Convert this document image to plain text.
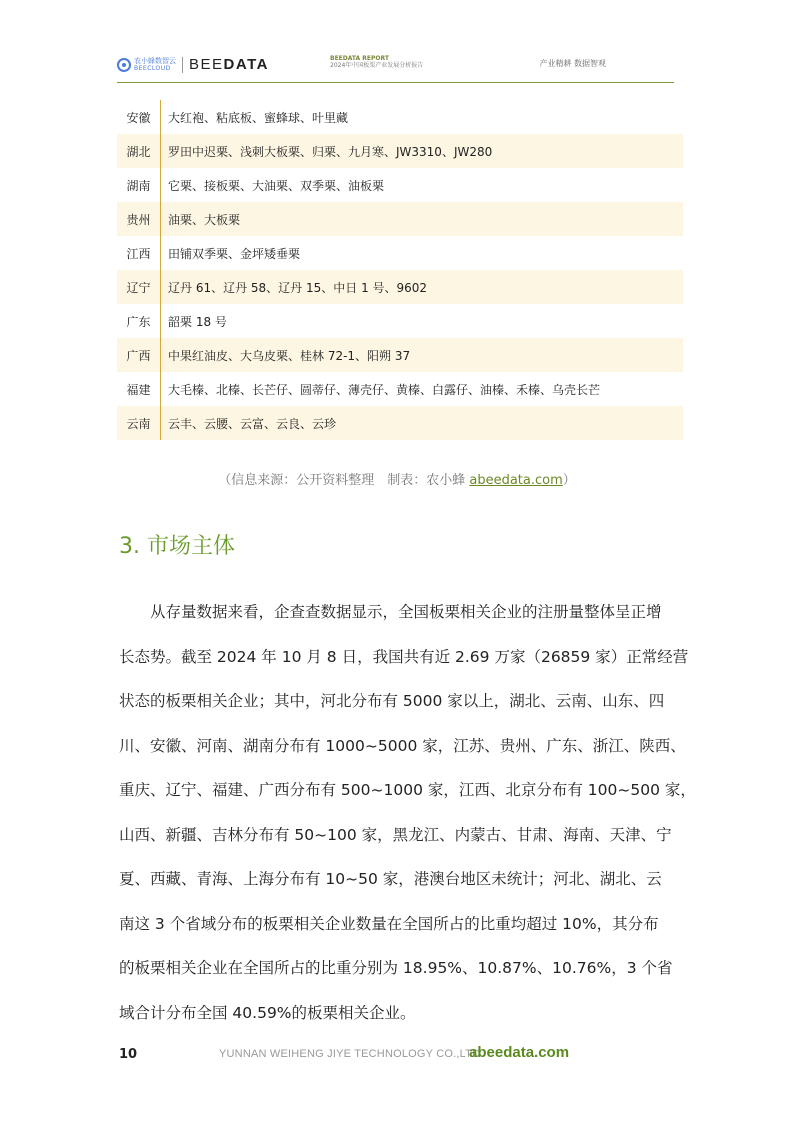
农小蜂数智云
BEECLOUD	BEEDATA	BEEDATA REPORT
2024年中国板栗产业发展分析报告	产业精耕 数据智观
安徽	大红袍、粘底板、蜜蜂球、叶里藏
湖北	罗田中迟栗、浅刺大板栗、归栗、九月寒、JW3310、JW280
湖南	它栗、接板栗、大油栗、双季栗、油板栗
贵州	油栗、大板栗
江西	田铺双季栗、金坪矮垂栗
辽宁	辽丹 61、辽丹 58、辽丹 15、中日 1 号、9602
广东	韶栗 18 号
广西	中果红油皮、大乌皮栗、桂林 72-1、阳朔 37
福建	大毛榛、北榛、长芒仔、圆蒂仔、薄壳仔、黄榛、白露仔、油榛、禾榛、乌壳长芒
云南	云丰、云腰、云富、云良、云珍
（信息来源：公开资料整理　制表：农小蜂 abeedata.com）
3. 市场主体
从存量数据来看，企查查数据显示，全国板栗相关企业的注册量整体呈正增
长态势。截至 2024 年 10 月 8 日，我国共有近 2.69 万家（26859 家）正常经营
状态的板栗相关企业；其中，河北分布有 5000 家以上，湖北、云南、山东、四
川、安徽、河南、湖南分布有 1000~5000 家，江苏、贵州、广东、浙江、陕西、
重庆、辽宁、福建、广西分布有 500~1000 家，江西、北京分布有 100~500 家，
山西、新疆、吉林分布有 50~100 家，黑龙江、内蒙古、甘肃、海南、天津、宁
夏、西藏、青海、上海分布有 10~50 家，港澳台地区未统计；河北、湖北、云
南这 3 个省域分布的板栗相关企业数量在全国所占的比重均超过 10%，其分布
的板栗相关企业在全国所占的比重分别为 18.95%、10.87%、10.76%，3 个省
域合计分布全国 40.59%的板栗相关企业。
10	YUNNAN WEIHENG JIYE TECHNOLOGY CO.,LTD.
abeedata.com
